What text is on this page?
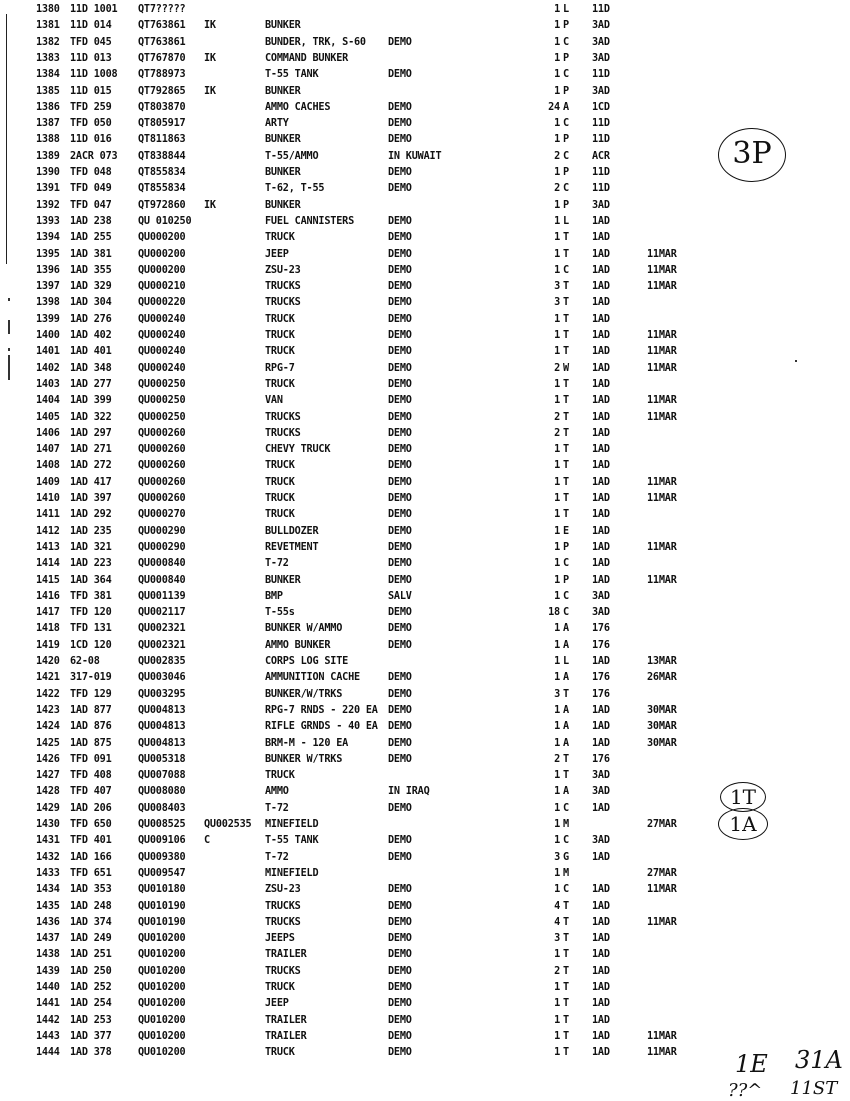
1380 11D 1001 QT7?????	1 L 11D
1381 11D 014	QT763861 IK	BUNKER	1 P 3AD
1382 TFD 045	QT763861	BUNDER, TRK, S-60 DEMO	1 C 3AD
1383 11D 013	QT767870 IK	COMMAND BUNKER	1 P 3AD
1384 11D 1008 QT788973	T-55 TANK	DEMO	1 C 11D
1385 11D 015	QT792865 IK	BUNKER	1 P 3AD
1386 TFD 259	QT803870	AMMO CACHES	DEMO	24 A 1CD
1387 TFD 050	QT805917	ARTY	DEMO	1 C 11D
1388 11D 016	QT811863	BUNKER	DEMO	1 P 11D
1389 2ACR 073 QT838844	T-55/AMMO	IN KUWAIT	2 C ACR
1390 TFD 048	QT855834	BUNKER	DEMO	1 P 11D
1391 TFD 049	QT855834	T-62, T-55	DEMO	2 C 11D
1392 TFD 047	QT972860 IK	BUNKER	1 P 3AD
1393 1AD 238	QU 010250	FUEL CANNISTERS	DEMO	1 L 1AD
1394 1AD 255	QU000200	TRUCK	DEMO	1 T 1AD
1395 1AD 381	QU000200	JEEP	DEMO	1 T 1AD	11MAR
1396 1AD 355	QU000200	ZSU-23	DEMO	1 C 1AD	11MAR
1397 1AD 329	QU000210	TRUCKS	DEMO	3 T 1AD	11MAR
1398 1AD 304	QU000220	TRUCKS	DEMO	3 T 1AD
1399 1AD 276	QU000240	TRUCK	DEMO	1 T 1AD
1400 1AD 402	QU000240	TRUCK	DEMO	1 T 1AD	11MAR
1401 1AD 401	QU000240	TRUCK	DEMO	1 T 1AD	11MAR
1402 1AD 348	QU000240	RPG-7	DEMO	2 W 1AD	11MAR
1403 1AD 277	QU000250	TRUCK	DEMO	1 T 1AD
1404 1AD 399	QU000250	VAN	DEMO	1 T 1AD	11MAR
1405 1AD 322	QU000250	TRUCKS	DEMO	2 T 1AD	11MAR
1406 1AD 297	QU000260	TRUCKS	DEMO	2 T 1AD
1407 1AD 271	QU000260	CHEVY TRUCK	DEMO	1 T 1AD
1408 1AD 272	QU000260	TRUCK	DEMO	1 T 1AD
1409 1AD 417	QU000260	TRUCK	DEMO	1 T 1AD	11MAR
1410 1AD 397	QU000260	TRUCK	DEMO	1 T 1AD	11MAR
1411 1AD 292	QU000270	TRUCK	DEMO	1 T 1AD
1412 1AD 235	QU000290	BULLDOZER	DEMO	1 E 1AD
1413 1AD 321	QU000290	REVETMENT	DEMO	1 P 1AD	11MAR
1414 1AD 223	QU000840	T-72	DEMO	1 C 1AD
1415 1AD 364	QU000840	BUNKER	DEMO	1 P 1AD	11MAR
1416 TFD 381	QU001139	BMP	SALV	1 C 3AD
1417 TFD 120	QU002117	T-55s	DEMO	18 C 3AD
1418 TFD 131	QU002321	BUNKER W/AMMO	DEMO	1 A 176
1419 1CD 120	QU002321	AMMO BUNKER	DEMO	1 A 176
1420 62-08	QU002835	CORPS LOG SITE	1 L 1AD	13MAR
1421 317-019	QU003046	AMMUNITION CACHE	DEMO	1 A 176	26MAR
1422 TFD 129	QU003295	BUNKER/W/TRKS	DEMO	3 T 176
1423 1AD 877	QU004813	RPG-7 RNDS - 220 EA DEMO	1 A 1AD	30MAR
1424 1AD 876	QU004813	RIFLE GRNDS - 40 EA DEMO	1 A 1AD	30MAR
1425 1AD 875	QU004813	BRM-M - 120 EA	DEMO	1 A 1AD	30MAR
1426 TFD 091	QU005318	BUNKER W/TRKS	DEMO	2 T 176
1427 TFD 408	QU007088	TRUCK	1 T 3AD
1428 TFD 407	QU008080	AMMO	IN IRAQ	1 A 3AD
1429 1AD 206	QU008403	T-72	DEMO	1 C 1AD
1430 TFD 650	QU008525 QU002535 MINEFIELD	1 M	27MAR
1431 TFD 401	QU009106 C	T-55 TANK	DEMO	1 C 3AD
1432 1AD 166	QU009380	T-72	DEMO	3 G 1AD
1433 TFD 651	QU009547	MINEFIELD	1 M	27MAR
1434 1AD 353	QU010180	ZSU-23	DEMO	1 C 1AD	11MAR
1435 1AD 248	QU010190	TRUCKS	DEMO	4 T 1AD
1436 1AD 374	QU010190	TRUCKS	DEMO	4 T 1AD	11MAR
1437 1AD 249	QU010200	JEEPS	DEMO	3 T 1AD
1438 1AD 251	QU010200	TRAILER	DEMO	1 T 1AD
1439 1AD 250	QU010200	TRUCKS	DEMO	2 T 1AD
1440 1AD 252	QU010200	TRUCK	DEMO	1 T 1AD
1441 1AD 254	QU010200	JEEP	DEMO	1 T 1AD
1442 1AD 253	QU010200	TRAILER	DEMO	1 T 1AD
1443 1AD 377	QU010200	TRAILER	DEMO	1 T 1AD	11MAR
1444 1AD 378	QU010200	TRUCK	DEMO	1 T 1AD	11MAR
3P
1T
1A
1E 31A
??^ 11ST
